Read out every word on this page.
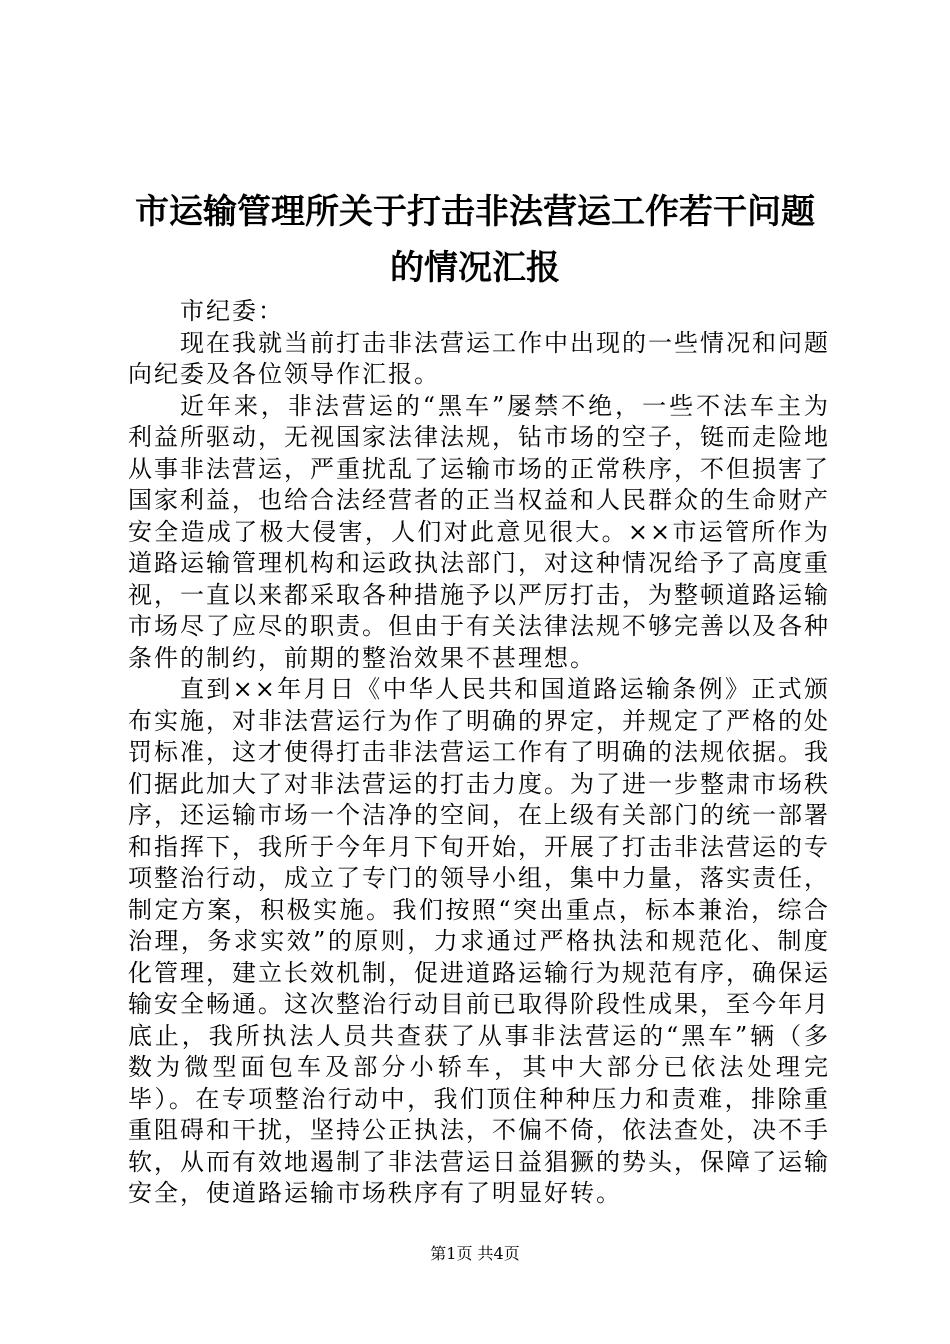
市运输管理所关于打击非法营运工作若干问题
的情况汇报

市纪委：

现在我就当前打击非法营运工作中出现的一些情况和问题向纪委及各位领导作汇报。

近年来，非法营运的“黑车”屡禁不绝，一些不法车主为利益所驱动，无视国家法律法规，钻市场的空子，铤而走险地从事非法营运，严重扰乱了运输市场的正常秩序，不但损害了国家利益，也给合法经营者的正当权益和人民群众的生命财产安全造成了极大侵害，人们对此意见很大。××市运管所作为道路运输管理机构和运政执法部门，对这种情况给予了高度重视，一直以来都采取各种措施予以严厉打击，为整顿道路运输市场尽了应尽的职责。但由于有关法律法规不够完善以及各种条件的制约，前期的整治效果不甚理想。

直到××年月日《中华人民共和国道路运输条例》正式颁布实施，对非法营运行为作了明确的界定，并规定了严格的处罚标准，这才使得打击非法营运工作有了明确的法规依据。我们据此加大了对非法营运的打击力度。为了进一步整肃市场秩序，还运输市场一个洁净的空间，在上级有关部门的统一部署和指挥下，我所于今年月下旬开始，开展了打击非法营运的专项整治行动，成立了专门的领导小组，集中力量，落实责任，制定方案，积极实施。我们按照“突出重点，标本兼治，综合治理，务求实效”的原则，力求通过严格执法和规范化、制度化管理，建立长效机制，促进道路运输行为规范有序，确保运输安全畅通。这次整治行动目前已取得阶段性成果，至今年月底止，我所执法人员共查获了从事非法营运的“黑车”辆（多数为微型面包车及部分小轿车，其中大部分已依法处理完毕）。在专项整治行动中，我们顶住种种压力和责难，排除重重阻碍和干扰，坚持公正执法，不偏不倚，依法查处，决不手软，从而有效地遏制了非法营运日益猖獗的势头，保障了运输安全，使道路运输市场秩序有了明显好转。

第1页 共4页
